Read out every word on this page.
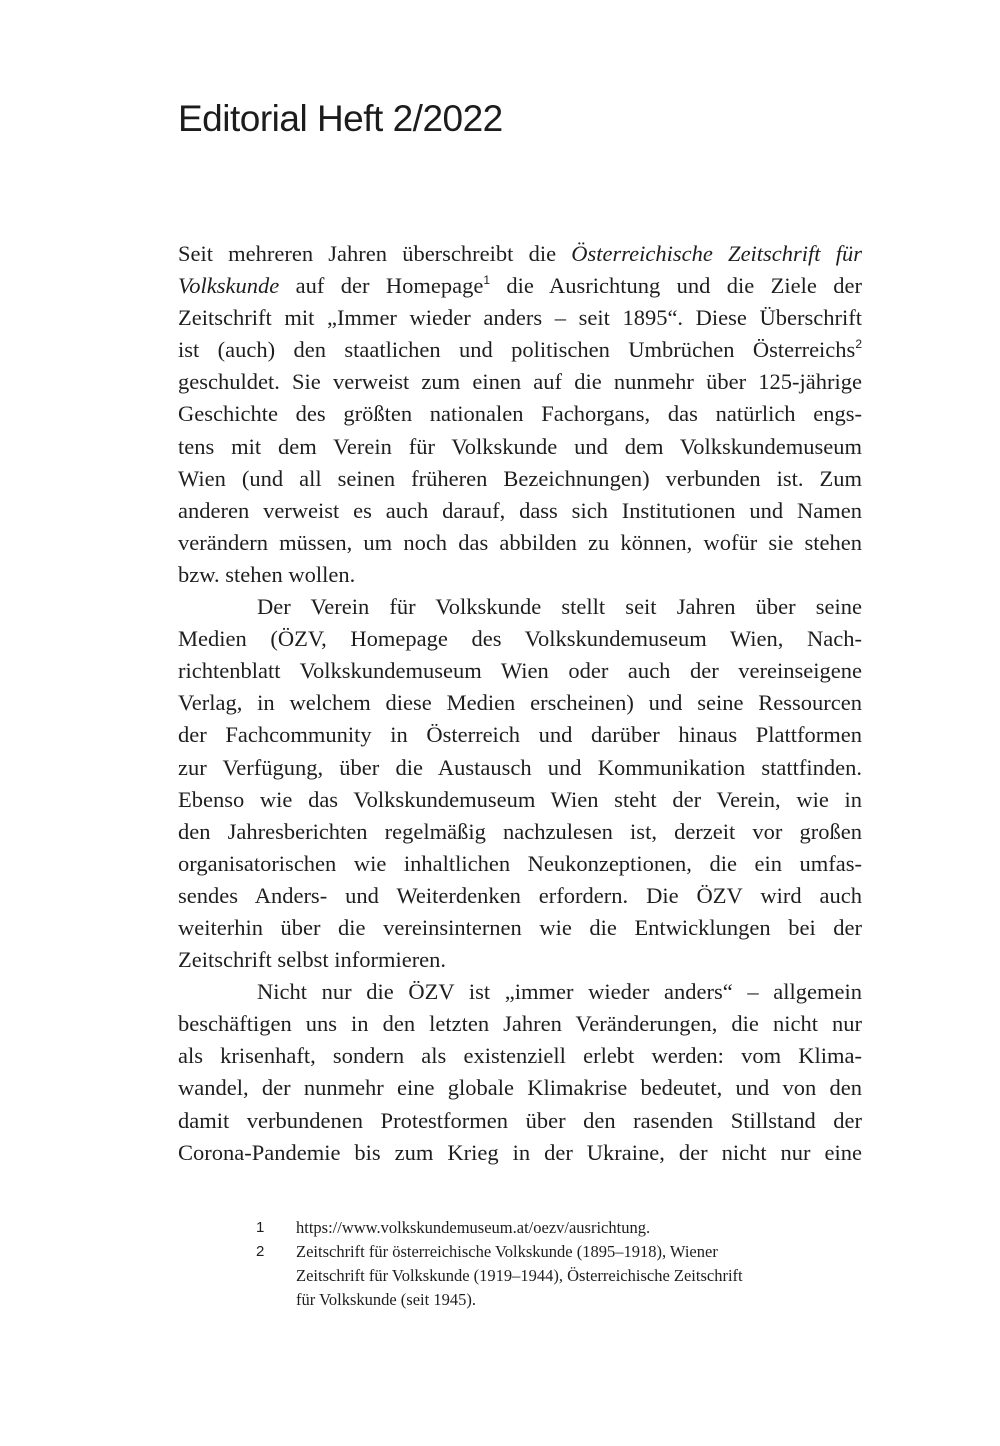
Editorial Heft 2/2022
Seit mehreren Jahren überschreibt die Österreichische Zeitschrift für
Volkskunde auf der Homepage$^1$ die Ausrichtung und die Ziele der
Zeitschrift mit „Immer wieder anders – seit 1895“. Diese Überschrift
ist (auch) den staatlichen und politischen Umbrüchen Österreichs$^2$
geschuldet. Sie verweist zum einen auf die nunmehr über 125-jährige
Geschichte des größten nationalen Fachorgans, das natürlich engs-
tens mit dem Verein für Volkskunde und dem Volkskundemuseum
Wien (und all seinen früheren Bezeichnungen) verbunden ist. Zum
anderen verweist es auch darauf, dass sich Institutionen und Namen
verändern müssen, um noch das abbilden zu können, wofür sie stehen
bzw. stehen wollen.
Der Verein für Volkskunde stellt seit Jahren über seine
Medien (ÖZV, Homepage des Volkskundemuseum Wien, Nach-
richtenblatt Volkskundemuseum Wien oder auch der vereinseigene
Verlag, in welchem diese Medien erscheinen) und seine Ressourcen
der Fachcommunity in Österreich und darüber hinaus Plattformen
zur Verfügung, über die Austausch und Kommunikation stattfinden.
Ebenso wie das Volkskundemuseum Wien steht der Verein, wie in
den Jahresberichten regelmäßig nachzulesen ist, derzeit vor großen
organisatorischen wie inhaltlichen Neukonzeptionen, die ein umfas-
sendes Anders- und Weiterdenken erfordern. Die ÖZV wird auch
weiterhin über die vereinsinternen wie die Entwicklungen bei der
Zeitschrift selbst informieren.
Nicht nur die ÖZV ist „immer wieder anders“ – allgemein
beschäftigen uns in den letzten Jahren Veränderungen, die nicht nur
als krisenhaft, sondern als existenziell erlebt werden: vom Klima-
wandel, der nunmehr eine globale Klimakrise bedeutet, und von den
damit verbundenen Protestformen über den rasenden Stillstand der
Corona-Pandemie bis zum Krieg in der Ukraine, der nicht nur eine
1	https://www.volkskundemuseum.at/oezv/ausrichtung.
2	Zeitschrift für österreichische Volkskunde (1895–1918), Wiener
Zeitschrift für Volkskunde (1919–1944), Österreichische Zeitschrift
für Volkskunde (seit 1945).
